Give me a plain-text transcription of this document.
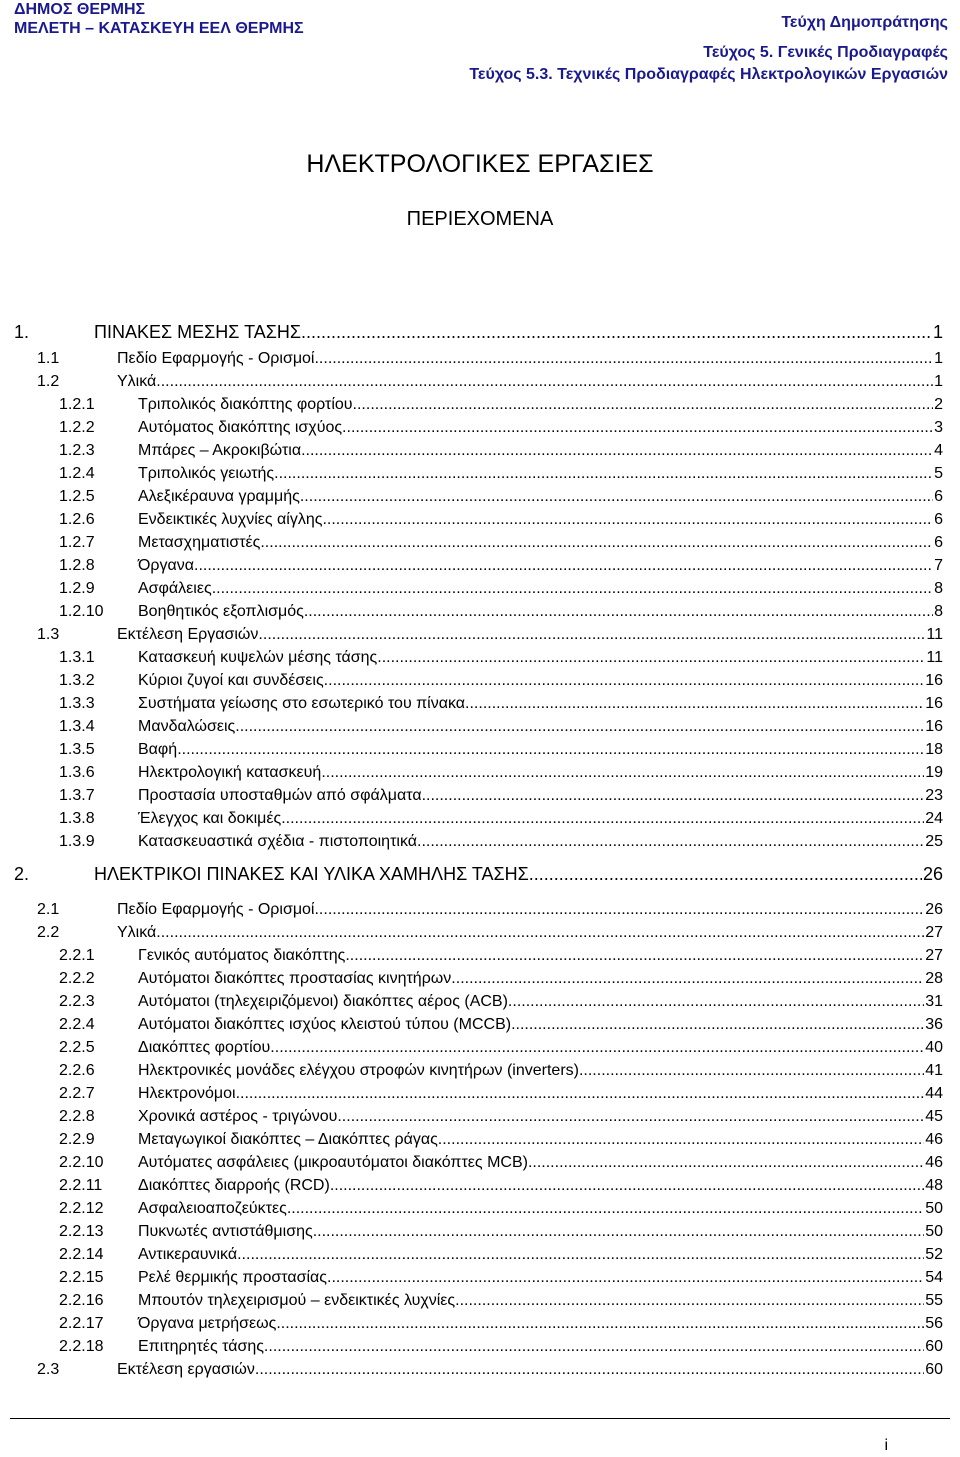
ΔΗΜΟΣ ΘΕΡΜΗΣ
ΜΕΛΕΤΗ – ΚΑΤΑΣΚΕΥΗ ΕΕΛ ΘΕΡΜΗΣ	Τεύχη Δημοπράτησης
Τεύχος 5. Γενικές Προδιαγραφές
Τεύχος 5.3. Τεχνικές Προδιαγραφές Ηλεκτρολογικών Εργασιών
ΗΛΕΚΤΡΟΛΟΓΙΚΕΣ ΕΡΓΑΣΙΕΣ
ΠΕΡΙΕΧΟΜΕΝΑ
1.	ΠΙΝΑΚΕΣ ΜΕΣΗΣ ΤΑΣΗΣ .....	1
1.1	Πεδίο Εφαρμογής - Ορισμοί .....	1
1.2	Υλικά .....	1
1.2.1	Τριπολικός διακόπτης φορτίου .....	2
1.2.2	Αυτόματος διακόπτης ισχύος .....	3
1.2.3	Μπάρες – Ακροκιβώτια .....	4
1.2.4	Τριπολικός γειωτής .....	5
1.2.5	Αλεξικέραυνα γραμμής .....	6
1.2.6	Ενδεικτικές λυχνίες αίγλης .....	6
1.2.7	Μετασχηματιστές .....	6
1.2.8	Όργανα .....	7
1.2.9	Ασφάλειες .....	8
1.2.10	Βοηθητικός εξοπλισμός .....	8
1.3	Εκτέλεση Εργασιών .....	11
1.3.1	Κατασκευή κυψελών μέσης τάσης .....	11
1.3.2	Κύριοι ζυγοί και συνδέσεις .....	16
1.3.3	Συστήματα γείωσης στο εσωτερικό του πίνακα .....	16
1.3.4	Μανδαλώσεις .....	16
1.3.5	Βαφή .....	18
1.3.6	Ηλεκτρολογική κατασκευή .....	19
1.3.7	Προστασία υποσταθμών από σφάλματα .....	23
1.3.8	Έλεγχος και δοκιμές .....	24
1.3.9	Κατασκευαστικά σχέδια - πιστοποιητικά .....	25
2.	ΗΛΕΚΤΡΙΚΟΙ ΠΙΝΑΚΕΣ ΚΑΙ ΥΛΙΚΑ ΧΑΜΗΛΗΣ ΤΑΣΗΣ .....	26
2.1	Πεδίο Εφαρμογής - Ορισμοί .....	26
2.2	Υλικά .....	27
2.2.1	Γενικός αυτόματος διακόπτης .....	27
2.2.2	Αυτόματοι διακόπτες προστασίας κινητήρων .....	28
2.2.3	Αυτόματοι (τηλεχειριζόμενοι) διακόπτες αέρος (ACB) .....	31
2.2.4	Αυτόματοι διακόπτες ισχύος κλειστού τύπου (MCCB) .....	36
2.2.5	Διακόπτες φορτίου .....	40
2.2.6	Ηλεκτρονικές μονάδες ελέγχου στροφών κινητήρων (inverters) .....	41
2.2.7	Ηλεκτρονόμοι .....	44
2.2.8	Χρονικά αστέρος - τριγώνου .....	45
2.2.9	Μεταγωγικοί διακόπτες – Διακόπτες ράγας .....	46
2.2.10	Αυτόματες ασφάλειες (μικροαυτόματοι διακόπτες MCB) .....	46
2.2.11	Διακόπτες διαρροής (RCD) .....	48
2.2.12	Ασφαλειοαποζεύκτες .....	50
2.2.13	Πυκνωτές αντιστάθμισης .....	50
2.2.14	Αντικεραυνικά .....	52
2.2.15	Ρελέ θερμικής προστασίας .....	54
2.2.16	Μπουτόν τηλεχειρισμού – ενδεικτικές λυχνίες .....	55
2.2.17	Όργανα μετρήσεως .....	56
2.2.18	Επιτηρητές τάσης .....	60
2.3	Εκτέλεση εργασιών .....	60
i
